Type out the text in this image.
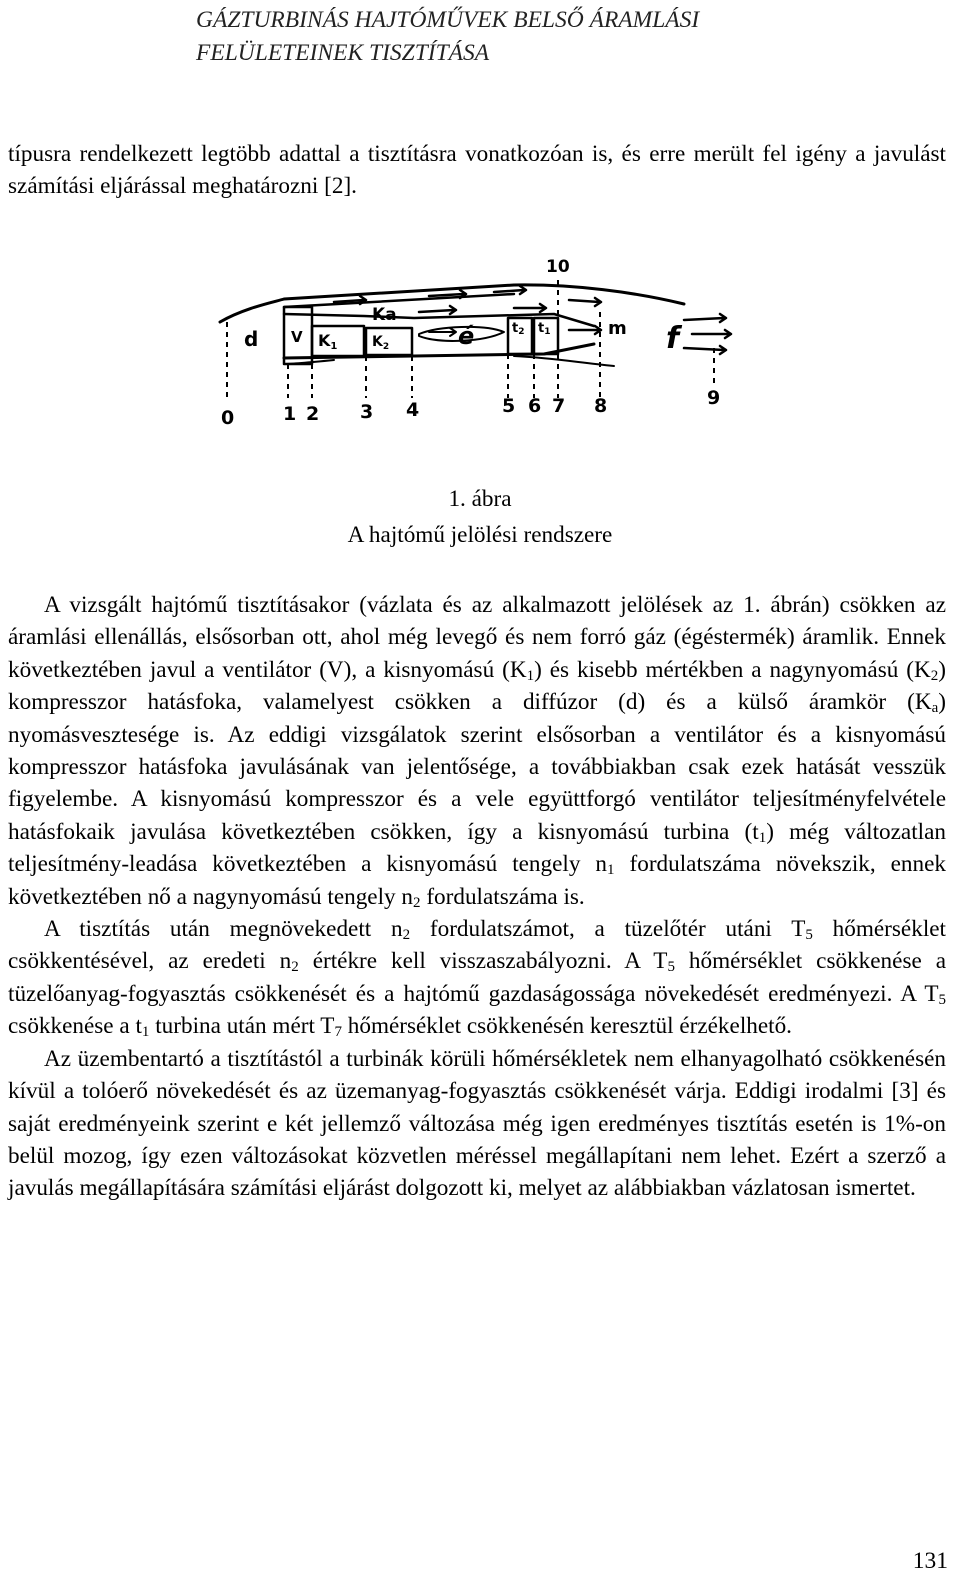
GÁZTURBINÁS HAJTÓMŰVEK BELSŐ ÁRAMLÁSI
FELÜLETEINEK TISZTÍTÁSA

típusra rendelkezett legtöbb adattal a tisztításra vonatkozóan is, és erre merült fel igény a javulást számítási eljárással meghatározni [2].

0	1 2 3 4	5 6 7 8	9
10
d V K1 $K_2$
Ka
é	t2 t1	m f
1. ábra
A hajtómű jelölési rendszere

A vizsgált hajtómű tisztításakor (vázlata és az alkalmazott jelölések az 1. ábrán) csökken az áramlási ellenállás, elsősorban ott, ahol még levegő és nem forró gáz (égéstermék) áramlik. Ennek következtében javul a ventilátor (V), a kisnyomású $(K_1)$ és kisebb mértékben a nagynyomású $(K_2)$ kompresszor hatásfoka, valamelyest csökken a diffúzor (d) és a külső áramkör $(K_a)$ nyomásvesztesége is. Az eddigi vizsgálatok szerint elsősorban a ventilátor és a kisnyomású kompresszor hatásfoka javulásának van jelentősége, a továbbiakban csak ezek hatását vesszük figyelembe. A kisnyomású kompresszor és a vele együttforgó ventilátor teljesítményfelvétele hatásfokaik javulása következtében csökken, így a kisnyomású turbina $(t_1)$ még változatlan teljesítmény-leadása következtében a kisnyomású tengely $n_1$ fordulatszáma növekszik, ennek következtében nő a nagynyomású tengely $n_2$ fordulatszáma is.

A tisztítás után megnövekedett $n_2$ fordulatszámot, a tüzelőtér utáni $T_5$ hőmérséklet csökkentésével, az eredeti $n_2$ értékre kell visszaszabályozni. A $T_5$ hőmérséklet csökkenése a tüzelőanyag-fogyasztás csökkenését és a hajtómű gazdaságossága növekedését eredményezi. A $T_5$ csökkenése a $t_1$ turbina után mért $T_7$ hőmérséklet csökkenésén keresztül érzékelhető.

Az üzembentartó a tisztítástól a turbinák körüli hőmérsékletek nem elhanyagolható csökkenésén kívül a tolóerő növekedését és az üzemanyag-fogyasztás csökkenését várja. Eddigi irodalmi [3] és saját eredményeink szerint e két jellemző változása még igen eredményes tisztítás esetén is 1%-on belül mozog, így ezen változásokat közvetlen méréssel megállapítani nem lehet. Ezért a szerző a javulás megállapítására számítási eljárást dolgozott ki, melyet az alábbiakban vázlatosan ismertet.

131
